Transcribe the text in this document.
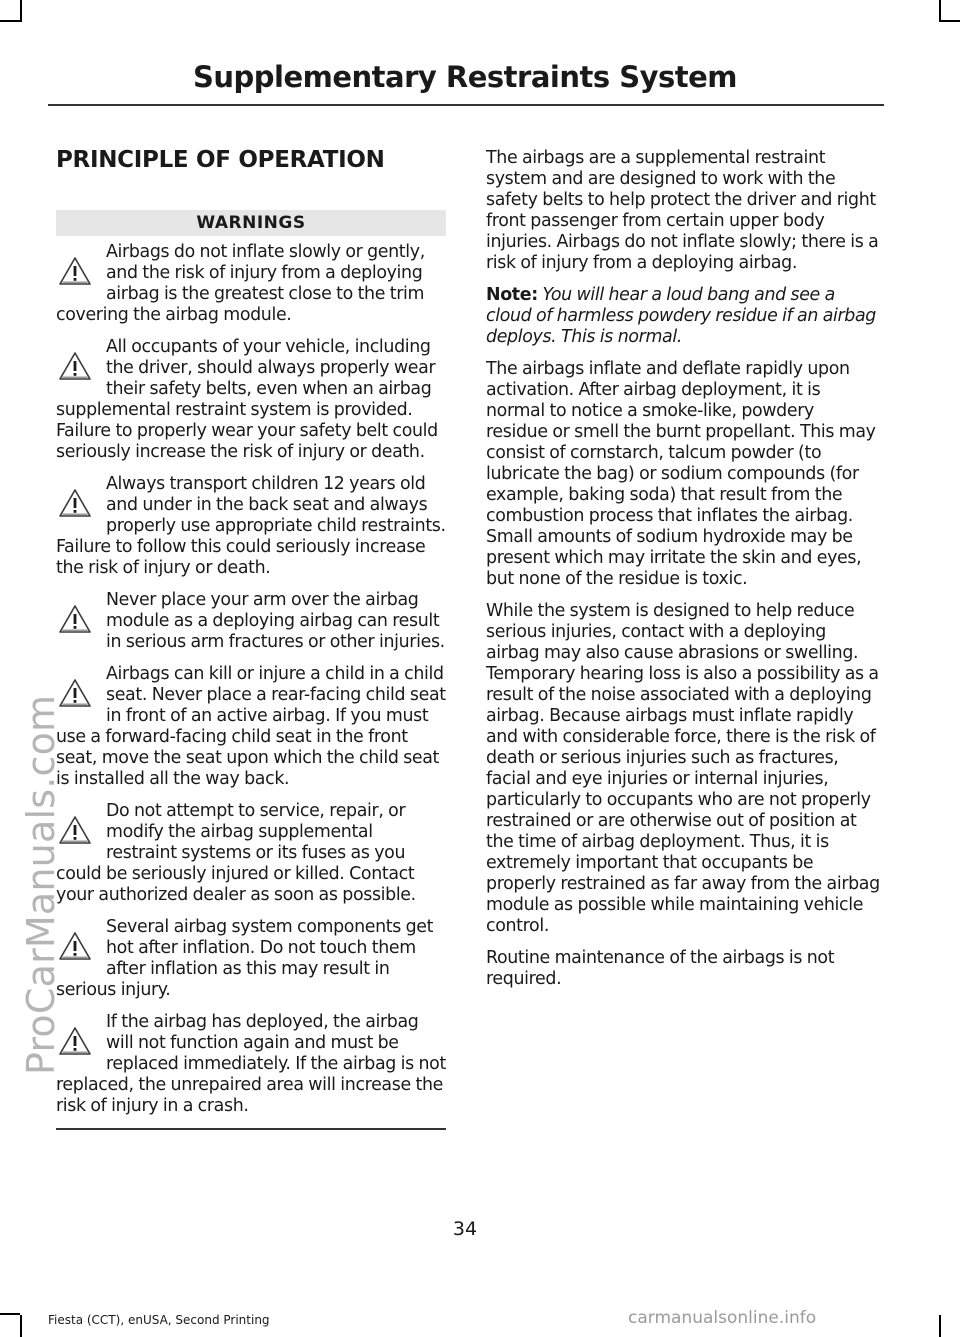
Supplementary Restraints System
PRINCIPLE OF OPERATION
WARNINGS
Airbags do not inflate slowly or gently, and the risk of injury from a deploying airbag is the greatest close to the trim covering the airbag module.
All occupants of your vehicle, including the driver, should always properly wear their safety belts, even when an airbag supplemental restraint system is provided. Failure to properly wear your safety belt could seriously increase the risk of injury or death.
Always transport children 12 years old and under in the back seat and always properly use appropriate child restraints. Failure to follow this could seriously increase the risk of injury or death.
Never place your arm over the airbag module as a deploying airbag can result in serious arm fractures or other injuries.
Airbags can kill or injure a child in a child seat. Never place a rear-facing child seat in front of an active airbag. If you must use a forward-facing child seat in the front seat, move the seat upon which the child seat is installed all the way back.
Do not attempt to service, repair, or modify the airbag supplemental restraint systems or its fuses as you could be seriously injured or killed. Contact your authorized dealer as soon as possible.
Several airbag system components get hot after inflation. Do not touch them after inflation as this may result in serious injury.
If the airbag has deployed, the airbag will not function again and must be replaced immediately. If the airbag is not replaced, the unrepaired area will increase the risk of injury in a crash.

The airbags are a supplemental restraint system and are designed to work with the safety belts to help protect the driver and right front passenger from certain upper body injuries. Airbags do not inflate slowly; there is a risk of injury from a deploying airbag.

Note: You will hear a loud bang and see a cloud of harmless powdery residue if an airbag deploys. This is normal.

The airbags inflate and deflate rapidly upon activation. After airbag deployment, it is normal to notice a smoke-like, powdery residue or smell the burnt propellant. This may consist of cornstarch, talcum powder (to lubricate the bag) or sodium compounds (for example, baking soda) that result from the combustion process that inflates the airbag. Small amounts of sodium hydroxide may be present which may irritate the skin and eyes, but none of the residue is toxic.

While the system is designed to help reduce serious injuries, contact with a deploying airbag may also cause abrasions or swelling. Temporary hearing loss is also a possibility as a result of the noise associated with a deploying airbag. Because airbags must inflate rapidly and with considerable force, there is the risk of death or serious injuries such as fractures, facial and eye injuries or internal injuries, particularly to occupants who are not properly restrained or are otherwise out of position at the time of airbag deployment. Thus, it is extremely important that occupants be properly restrained as far away from the airbag module as possible while maintaining vehicle control.

Routine maintenance of the airbags is not required.

34
Fiesta (CCT), enUSA, Second Printing
ProCarManuals.com
carmanualsonline.info
